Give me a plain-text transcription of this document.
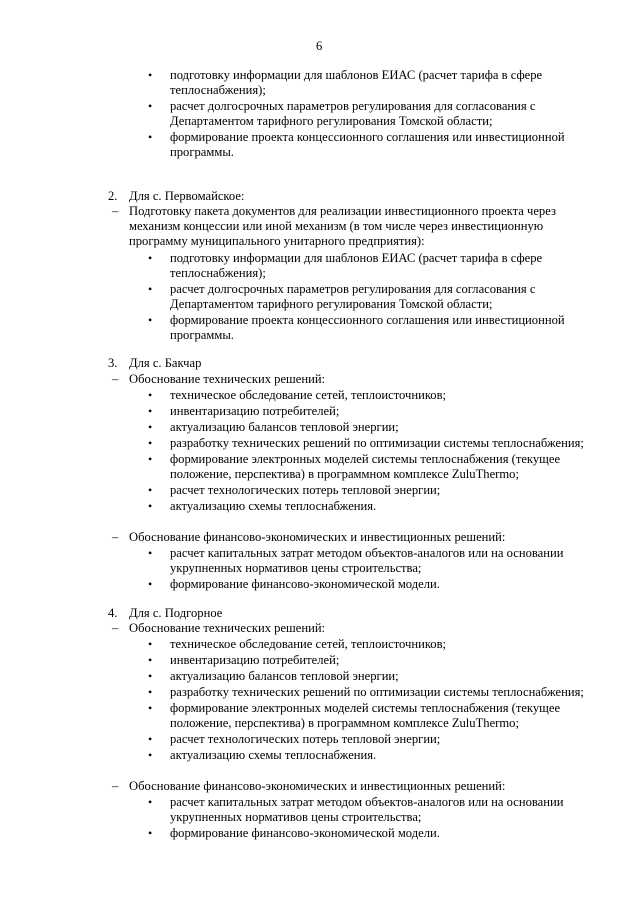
6
• подготовку информации для шаблонов ЕИАС (расчет тарифа в сфере
теплоснабжения);
• расчет долгосрочных параметров регулирования для согласования с
Департаментом тарифного регулирования Томской области;
• формирование проекта концессионного соглашения или инвестиционной
программы.
2. Для с. Первомайское:
– Подготовку пакета документов для реализации инвестиционного проекта через
механизм концессии или иной механизм (в том числе через инвестиционную
программу муниципального унитарного предприятия):
• подготовку информации для шаблонов ЕИАС (расчет тарифа в сфере
теплоснабжения);
• расчет долгосрочных параметров регулирования для согласования с
Департаментом тарифного регулирования Томской области;
• формирование проекта концессионного соглашения или инвестиционной
программы.
3. Для с. Бакчар
– Обоснование технических решений:
• техническое обследование сетей, теплоисточников;
• инвентаризацию потребителей;
• актуализацию балансов тепловой энергии;
• разработку технических решений по оптимизации системы теплоснабжения;
• формирование электронных моделей системы теплоснабжения (текущее
положение, перспектива) в программном комплексе ZuluThermo;
• расчет технологических потерь тепловой энергии;
• актуализацию схемы теплоснабжения.
– Обоснование финансово-экономических и инвестиционных решений:
• расчет капитальных затрат методом объектов-аналогов или на основании
укрупненных нормативов цены строительства;
• формирование финансово-экономической модели.
4. Для с. Подгорное
– Обоснование технических решений:
• техническое обследование сетей, теплоисточников;
• инвентаризацию потребителей;
• актуализацию балансов тепловой энергии;
• разработку технических решений по оптимизации системы теплоснабжения;
• формирование электронных моделей системы теплоснабжения (текущее
положение, перспектива) в программном комплексе ZuluThermo;
• расчет технологических потерь тепловой энергии;
• актуализацию схемы теплоснабжения.
– Обоснование финансово-экономических и инвестиционных решений:
• расчет капитальных затрат методом объектов-аналогов или на основании
укрупненных нормативов цены строительства;
• формирование финансово-экономической модели.
